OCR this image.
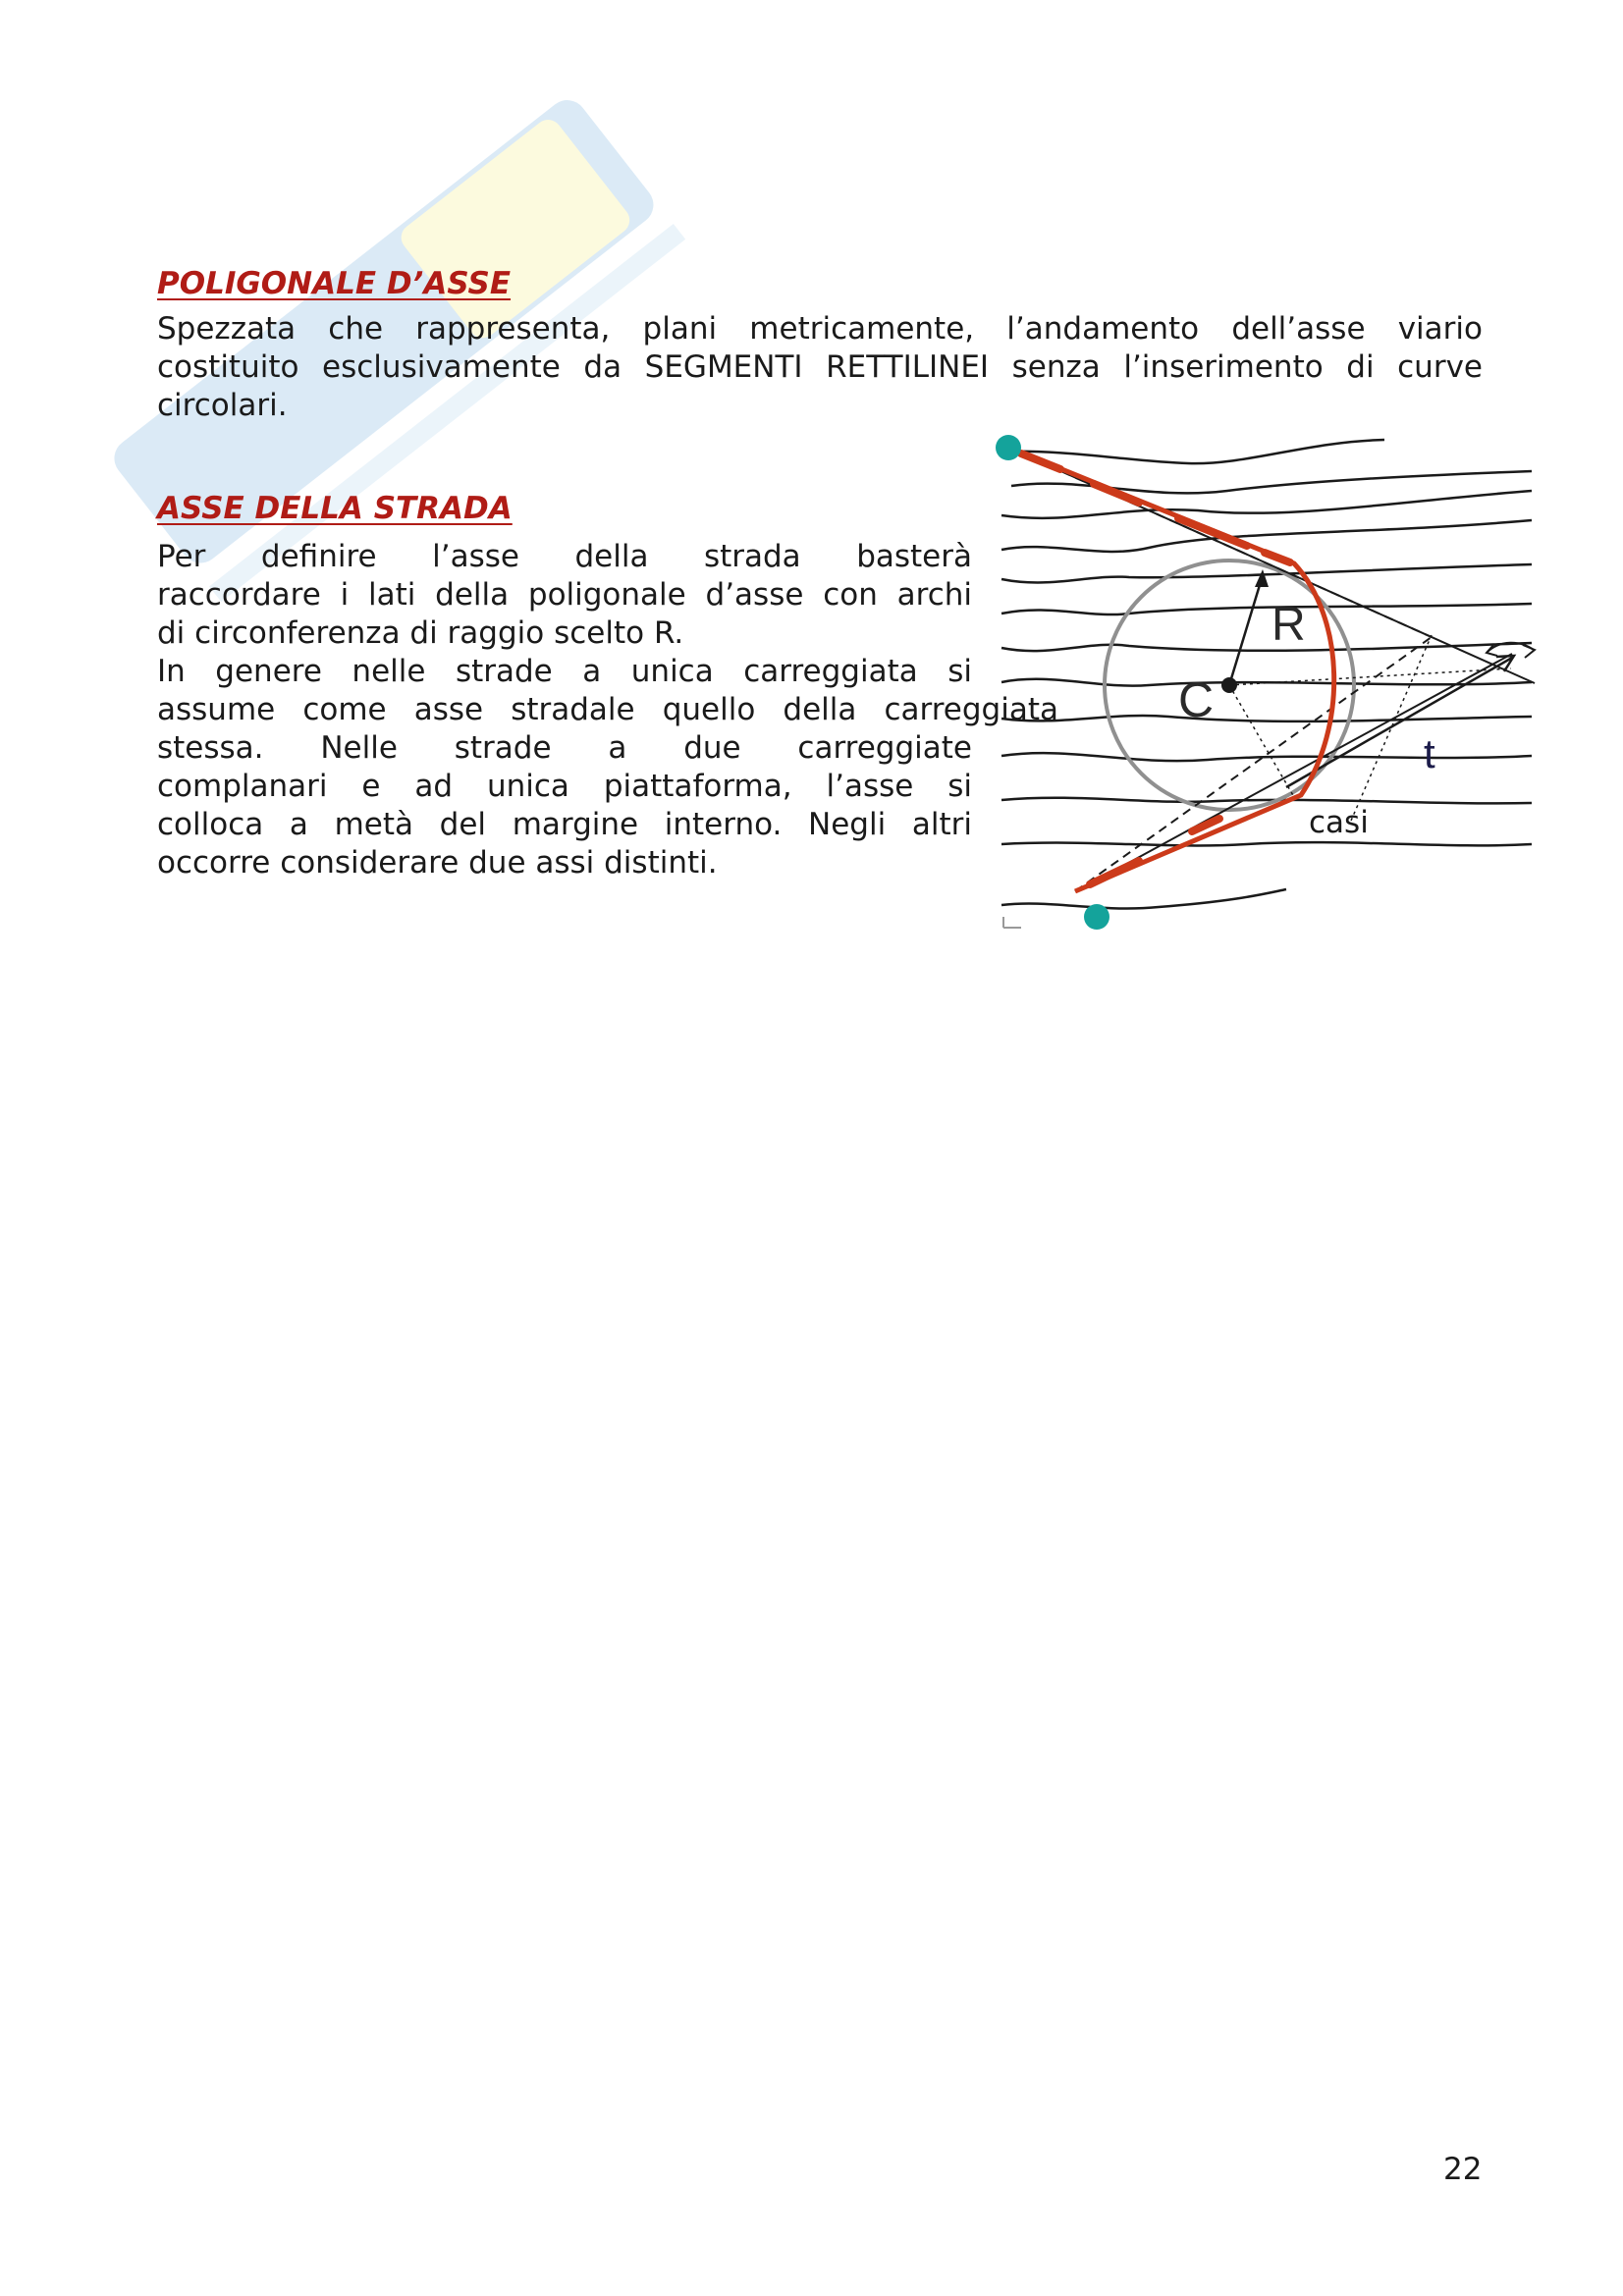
POLIGONALE D’ASSE

Spezzata che rappresenta, plani metricamente, l’andamento dell’asse viario
costituito esclusivamente da SEGMENTI RETTILINEI senza l’inserimento di curve
circolari.

ASSE DELLA STRADA

Per definire l’asse della strada basterà
raccordare i lati della poligonale d’asse con archi
di circonferenza di raggio scelto R.
In genere nelle strade a unica carreggiata si
assume come asse stradale quello della carreggiata
stessa. Nelle strade a due carreggiate
complanari e ad unica piattaforma, l’asse si
colloca a metà del margine interno. Negli altri
occorre considerare due assi distinti.

casi
R
C
t
22
